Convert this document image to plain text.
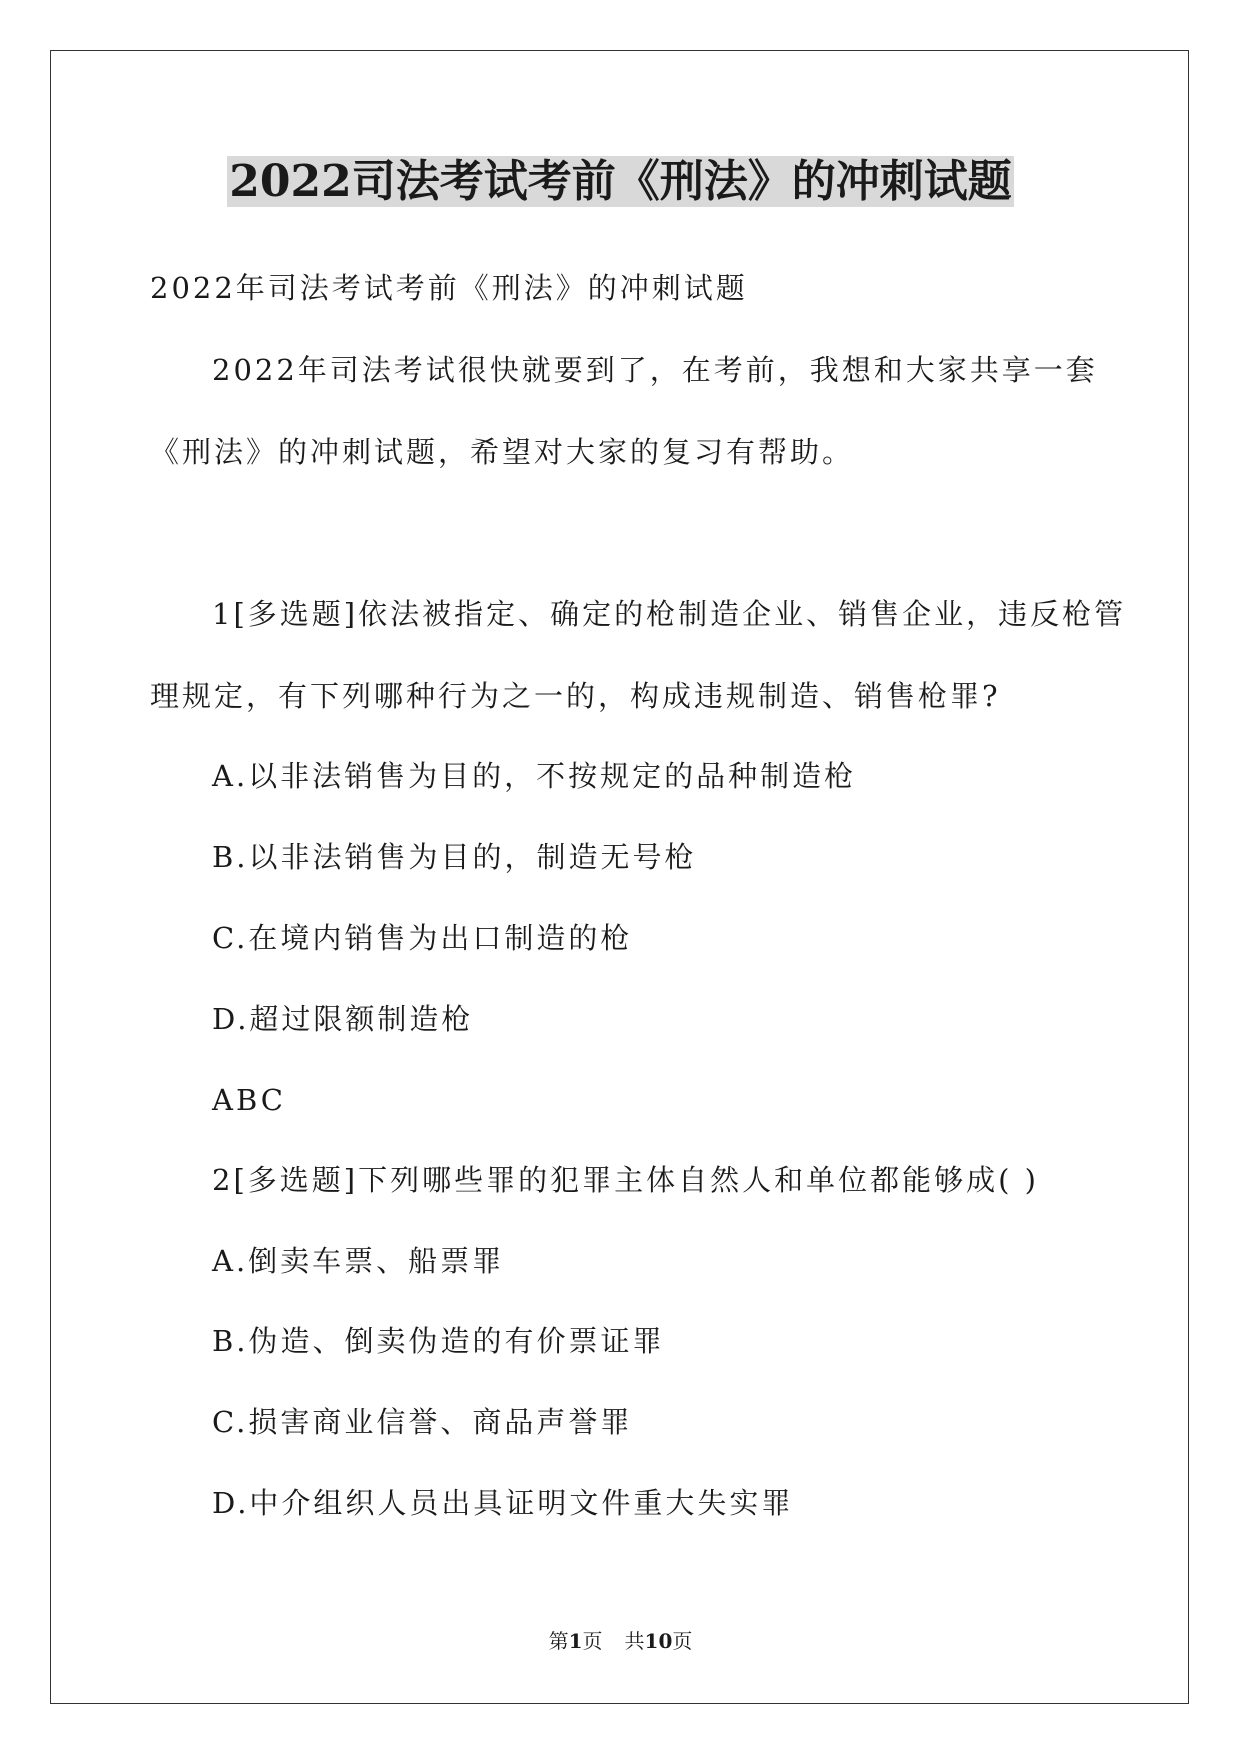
2022司法考试考前《刑法》的冲刺试题

2022年司法考试考前《刑法》的冲刺试题

2022年司法考试很快就要到了，在考前，我想和大家共享一套

《刑法》的冲刺试题，希望对大家的复习有帮助。

1[多选题]依法被指定、确定的枪制造企业、销售企业，违反枪管

理规定，有下列哪种行为之一的，构成违规制造、销售枪罪?

A.以非法销售为目的，不按规定的品种制造枪

B.以非法销售为目的，制造无号枪

C.在境内销售为出口制造的枪

D.超过限额制造枪

ABC

2[多选题]下列哪些罪的犯罪主体自然人和单位都能够成( )

A.倒卖车票、船票罪

B.伪造、倒卖伪造的有价票证罪

C.损害商业信誉、商品声誉罪

D.中介组织人员出具证明文件重大失实罪

第1页 共10页
